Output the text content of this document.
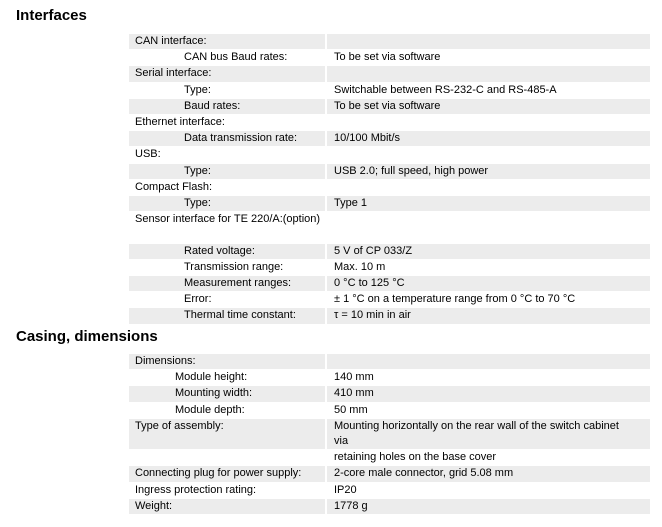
Interfaces
CAN interface:
CAN bus Baud rates:	To be set via software
Serial interface:
Type:	Switchable between RS-232-C and RS-485-A
Baud rates:	To be set via software
Ethernet interface:
Data transmission rate:	10/100 Mbit/s
USB:
Type:	USB 2.0; full speed, high power
Compact Flash:
Type:	Type 1
Sensor interface for TE 220/A:(option)
Rated voltage:	5 V of CP 033/Z
Transmission range:	Max. 10 m
Measurement ranges:	0 °C to 125 °C
Error:	± 1 °C on a temperature range from 0 °C to 70 °C
Thermal time constant:	τ = 10 min in air
Casing, dimensions
Dimensions:
Module height:	140 mm
Mounting width:	410 mm
Module depth:	50 mm
Type of assembly:	Mounting horizontally on the rear wall of the switch cabinet
via
retaining holes on the base cover
Connecting plug for power supply:	2-core male connector, grid 5.08 mm
Ingress protection rating:	IP20
Weight:	1778 g
